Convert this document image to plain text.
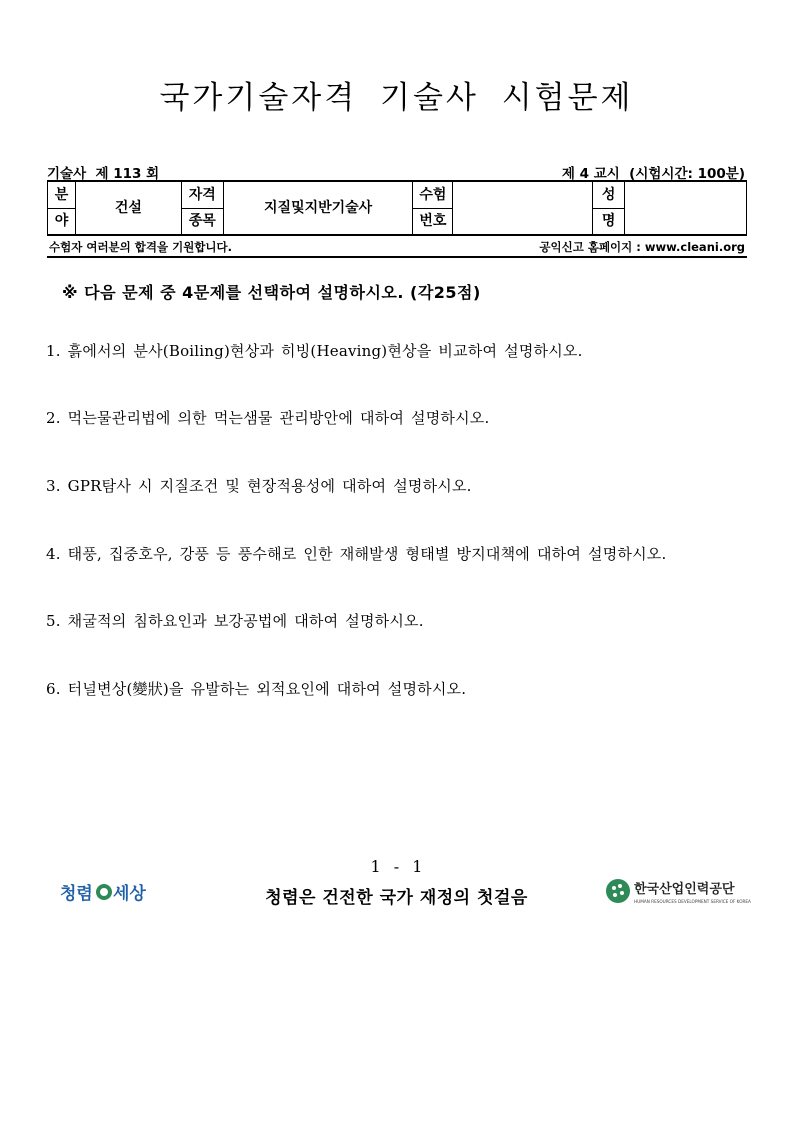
국가기술자격 기술사 시험문제
기술사  제 113 회	제 4 교시  (시험시간: 100분)
분	건설	자격	지질및지반기술사	수험		성	
야		종목		번호		명	
수험자 여러분의 합격을 기원합니다.	공익신고 홈페이지 : www.cleani.org
※ 다음 문제 중 4문제를 선택하여 설명하시오. (각25점)
1. 흙에서의 분사(Boiling)현상과 히빙(Heaving)현상을 비교하여 설명하시오.
2. 먹는물관리법에 의한 먹는샘물 관리방안에 대하여 설명하시오.
3. GPR탐사 시 지질조건 및 현장적용성에 대하여 설명하시오.
4. 태풍, 집중호우, 강풍 등 풍수해로 인한 재해발생 형태별 방지대책에 대하여 설명하시오.
5. 채굴적의 침하요인과 보강공법에 대하여 설명하시오.
6. 터널변상(變狀)을 유발하는 외적요인에 대하여 설명하시오.
1 - 1
청렴 세상	청렴은 건전한 국가 재정의 첫걸음	한국산업인력공단
HUMAN RESOURCES DEVELOPMENT SERVICE OF KOREA
